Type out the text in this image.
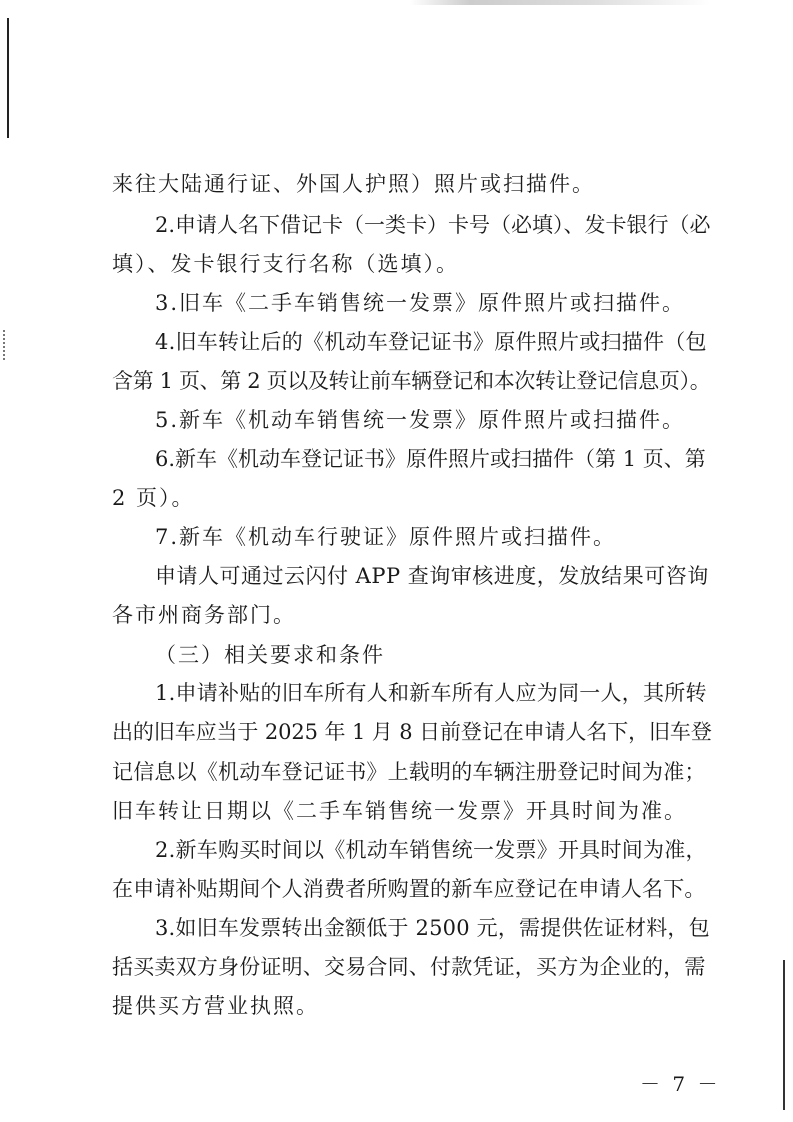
来往大陆通行证、外国人护照）照片或扫描件。
2.申请人名下借记卡（一类卡）卡号（必填）、发卡银行（必
填）、发卡银行支行名称（选填）。
3.旧车《二手车销售统一发票》原件照片或扫描件。
4.旧车转让后的《机动车登记证书》原件照片或扫描件（包
含第 1 页、第 2 页以及转让前车辆登记和本次转让登记信息页）。
5.新车《机动车销售统一发票》原件照片或扫描件。
6.新车《机动车登记证书》原件照片或扫描件（第 1 页、第
2 页）。
7.新车《机动车行驶证》原件照片或扫描件。
申请人可通过云闪付 APP 查询审核进度，发放结果可咨询
各市州商务部门。
（三）相关要求和条件
1.申请补贴的旧车所有人和新车所有人应为同一人，其所转
出的旧车应当于 2025 年 1 月 8 日前登记在申请人名下，旧车登
记信息以《机动车登记证书》上载明的车辆注册登记时间为准；
旧车转让日期以《二手车销售统一发票》开具时间为准。
2.新车购买时间以《机动车销售统一发票》开具时间为准，
在申请补贴期间个人消费者所购置的新车应登记在申请人名下。
3.如旧车发票转出金额低于 2500 元，需提供佐证材料，包
括买卖双方身份证明、交易合同、付款凭证，买方为企业的，需
提供买方营业执照。
－ 7 －
